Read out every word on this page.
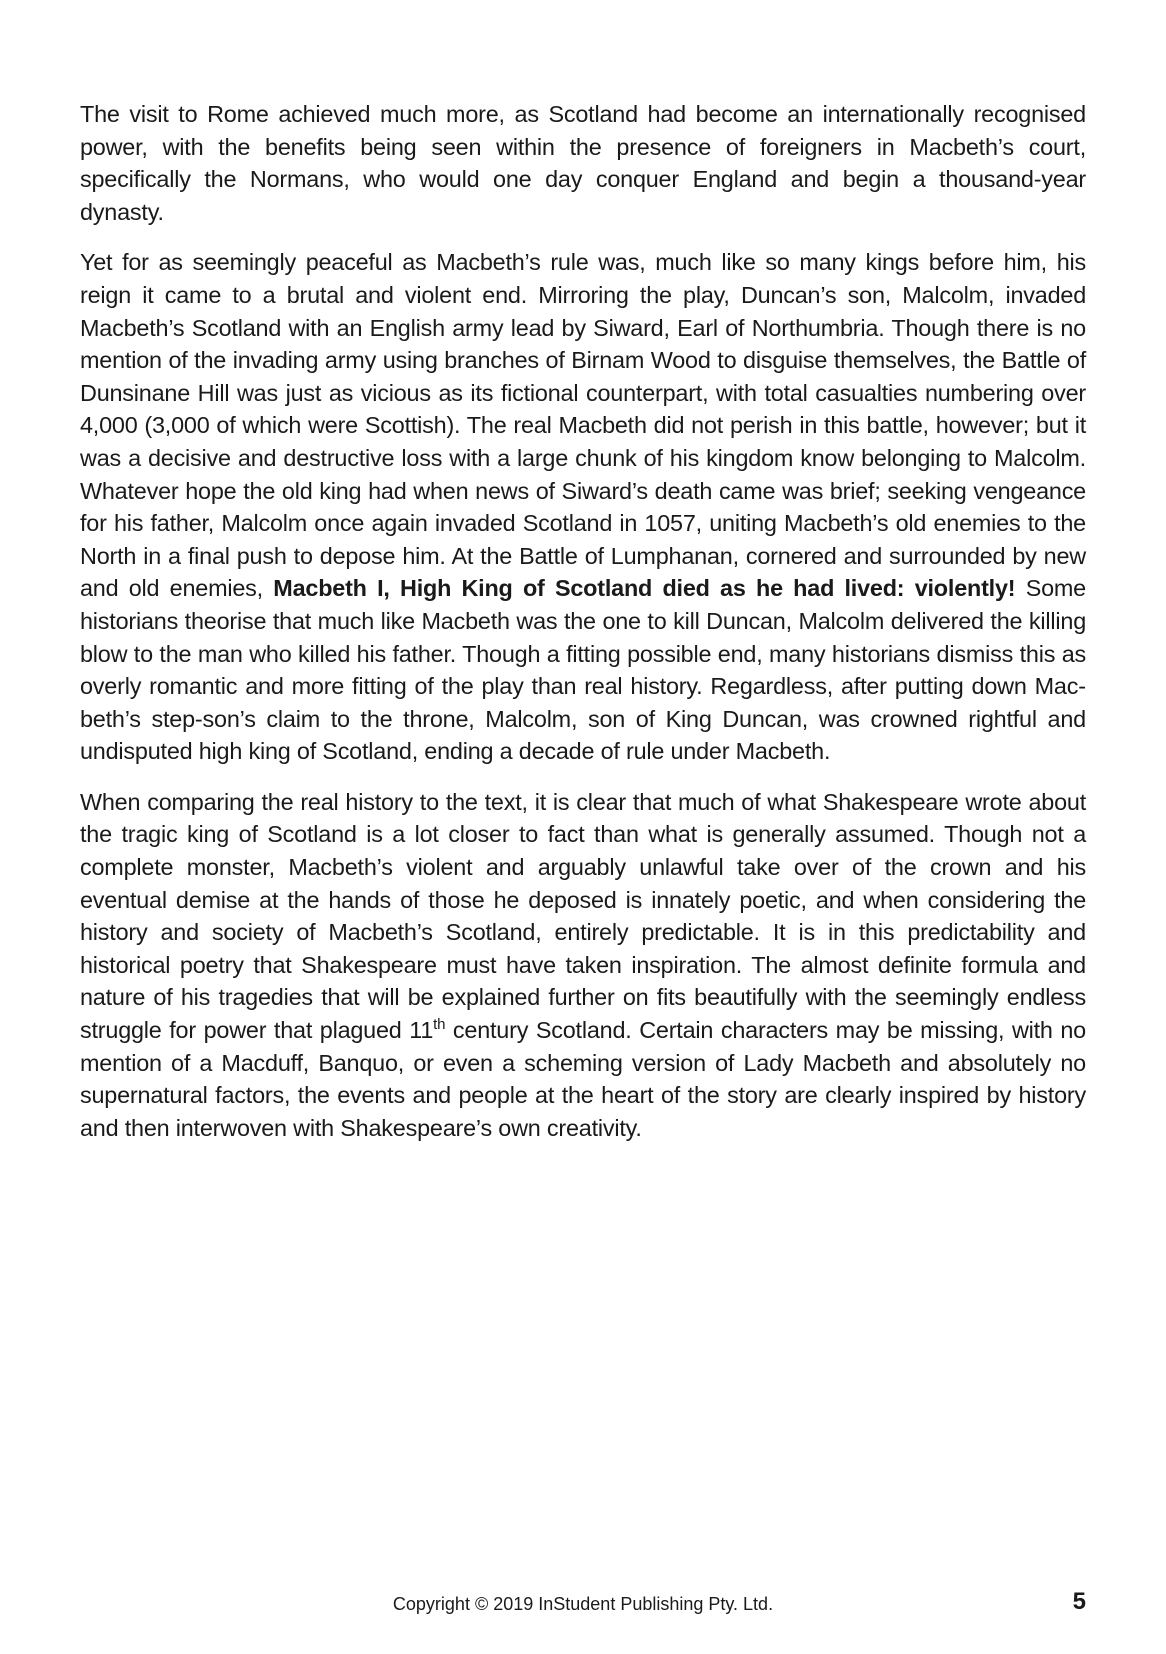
The visit to Rome achieved much more, as Scotland had become an internationally recognised power, with the benefits being seen within the presence of foreigners in Macbeth’s court, specifically the Normans, who would one day conquer England and begin a thousand-year dynasty.

Yet for as seemingly peaceful as Macbeth’s rule was, much like so many kings before him, his reign it came to a brutal and violent end. Mirroring the play, Duncan’s son, Malcolm, invaded Macbeth’s Scotland with an English army lead by Siward, Earl of Northumbria. Though there is no mention of the invading army using branches of Birnam Wood to disguise themselves, the Battle of Dunsinane Hill was just as vicious as its fictional counterpart, with total casualties numbering over 4,000 (3,000 of which were Scottish). The real Macbeth did not perish in this battle, however; but it was a decisive and destructive loss with a large chunk of his kingdom know belonging to Malcolm. Whatever hope the old king had when news of Siward’s death came was brief; seeking vengeance for his father, Malcolm once again invaded Scotland in 1057, uniting Macbeth’s old enemies to the North in a final push to depose him. At the Battle of Lumphanan, cornered and surrounded by new and old enemies, Macbeth I, High King of Scotland died as he had lived: violently! Some historians theorise that much like Macbeth was the one to kill Duncan, Malcolm delivered the killing blow to the man who killed his father. Though a fitting possible end, many historians dismiss this as overly romantic and more fitting of the play than real history. Regardless, after putting down Macbeth’s step-son’s claim to the throne, Malcolm, son of King Duncan, was crowned rightful and undisputed high king of Scotland, ending a decade of rule under Macbeth.

When comparing the real history to the text, it is clear that much of what Shakespeare wrote about the tragic king of Scotland is a lot closer to fact than what is generally assumed. Though not a complete monster, Macbeth’s violent and arguably unlawful take over of the crown and his eventual demise at the hands of those he deposed is innately poetic, and when considering the history and society of Macbeth’s Scotland, entirely predictable. It is in this predictability and historical poetry that Shakespeare must have taken inspiration. The almost definite formula and nature of his tragedies that will be explained further on fits beautifully with the seemingly endless struggle for power that plagued 11th century Scotland. Certain characters may be missing, with no mention of a Macduff, Banquo, or even a scheming version of Lady Macbeth and absolutely no supernatural factors, the events and people at the heart of the story are clearly inspired by history and then interwoven with Shakespeare’s own creativity.

Copyright © 2019 InStudent Publishing Pty. Ltd.	5
